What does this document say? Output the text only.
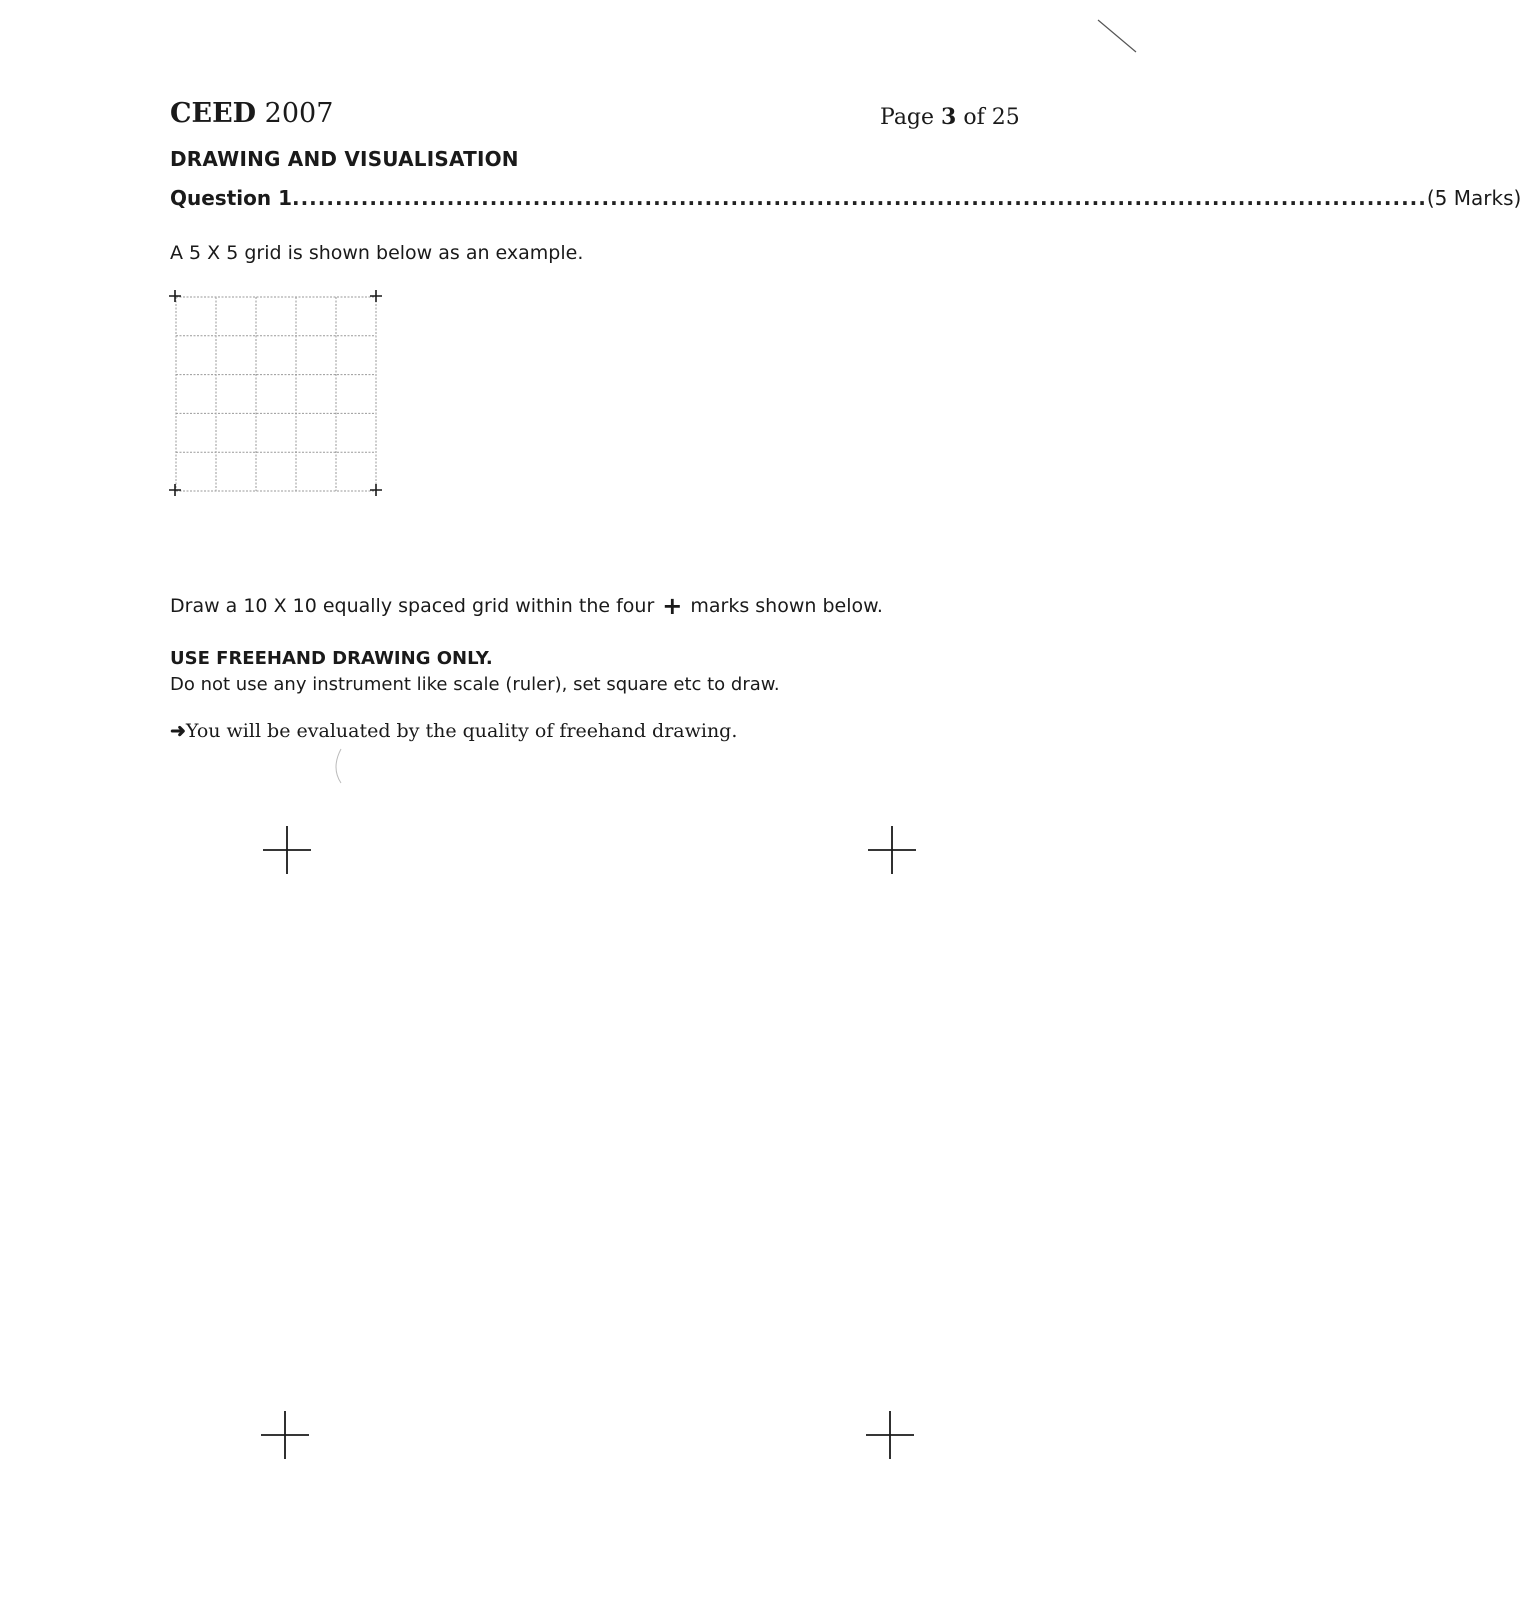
CEED 2007	Page 3 of 25
DRAWING AND VISUALISATION
Question 1 .................................................................................................................................... (5 Marks)
A 5 X 5 grid is shown below as an example.
Draw a 10 X 10 equally spaced grid within the four + marks shown below.
USE FREEHAND DRAWING ONLY.
Do not use any instrument like scale (ruler), set square etc to draw.
➜You will be evaluated by the quality of freehand drawing.
